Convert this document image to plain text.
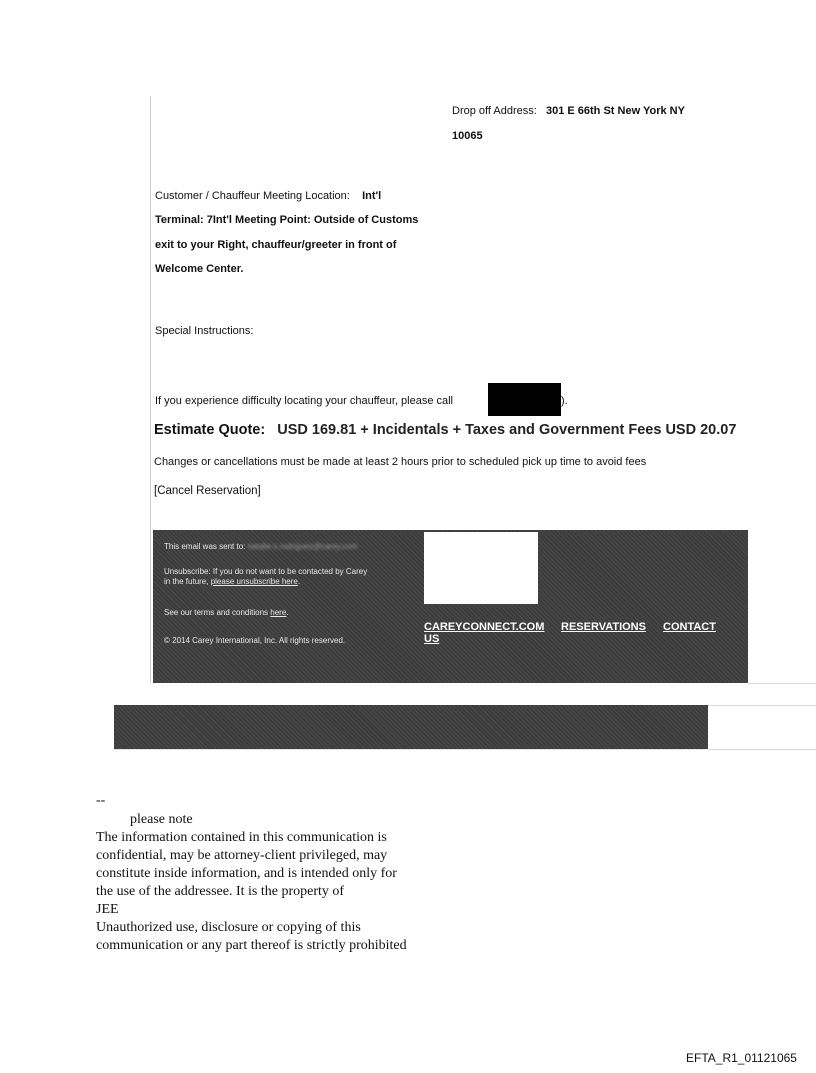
Drop off Address: 301 E 66th St New York NY
10065
Customer / Chauffeur Meeting Location: Int'l
Terminal: 7Int'l Meeting Point: Outside of Customs
exit to your Right, chauffeur/greeter in front of
Welcome Center.
Special Instructions:
If you experience difficulty locating your chauffeur, please call	).
Estimate Quote: USD 169.81 + Incidentals + Taxes and Government Fees USD 20.07
Changes or cancellations must be made at least 2 hours prior to scheduled pick up time to avoid fees
[Cancel Reservation]
This email was sent to: natalie.s.rodriguez@carey.com
Unsubscribe: If you do not want to be contacted by Carey
in the future, please unsubscribe here.
See our terms and conditions here.
© 2014 Carey International, Inc. All rights reserved.
CAREYCONNECT.COM RESERVATIONS CONTACT
US
--
please note
The information contained in this communication is
confidential, may be attorney-client privileged, may
constitute inside information, and is intended only for
the use of the addressee. It is the property of
JEE
Unauthorized use, disclosure or copying of this
communication or any part thereof is strictly prohibited
EFTA_R1_01121065
